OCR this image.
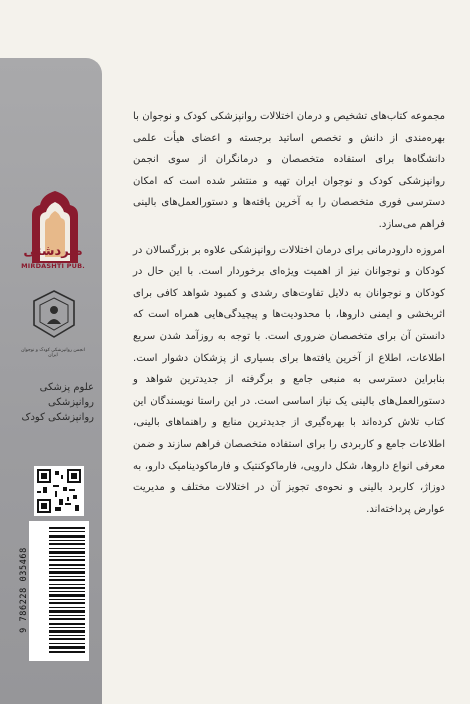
میردشتی
MIRDASHTI PUB.
انجمن روانپزشکی کودک و نوجوان ایران
علوم پزشکی
روانپزشکی
روانپزشکی کودک
9 786228 035468

مجموعه کتاب‌های تشخیص و درمان اختلالات روانپزشکی کودک و نوجوان با بهره‌مندی از دانش و تخصص اساتید برجسته و اعضای هیأت علمی دانشگاه‌ها برای استفاده متخصصان و درمانگران از سوی انجمن روانپزشکی کودک و نوجوان ایران تهیه و منتشر شده است که امکان دسترسی فوری متخصصان را به آخرین یافته‌ها و دستورالعمل‌های بالینی فراهم می‌سازد.

امروزه دارودرمانی برای درمان اختلالات روانپزشکی علاوه بر بزرگسالان در کودکان و نوجوانان نیز از اهمیت ویژه‌ای برخوردار است. با این حال در کودکان و نوجوانان به دلایل تفاوت‌های رشدی و کمبود شواهد کافی برای اثربخشی و ایمنی داروها، با محدودیت‌ها و پیچیدگی‌هایی همراه است که دانستن آن برای متخصصان ضروری است. با توجه به روزآمد شدن سریع اطلاعات، اطلاع از آخرین یافته‌ها برای بسیاری از پزشکان دشوار است. بنابراین دسترسی به منبعی جامع و برگرفته از جدیدترین شواهد و دستورالعمل‌های بالینی یک نیاز اساسی است. در این راستا نویسندگان این کتاب تلاش کرده‌اند با بهره‌گیری از جدیدترین منابع و راهنماهای بالینی، اطلاعات جامع و کاربردی را برای استفاده متخصصان فراهم سازند و ضمن معرفی انواع داروها، شکل دارویی، فارماکوکنتیک و فارماکودینامیک دارو، به دوزاژ، کاربرد بالینی و نحوه‌ی تجویز آن در اختلالات مختلف و مدیریت عوارض پرداخته‌اند.
